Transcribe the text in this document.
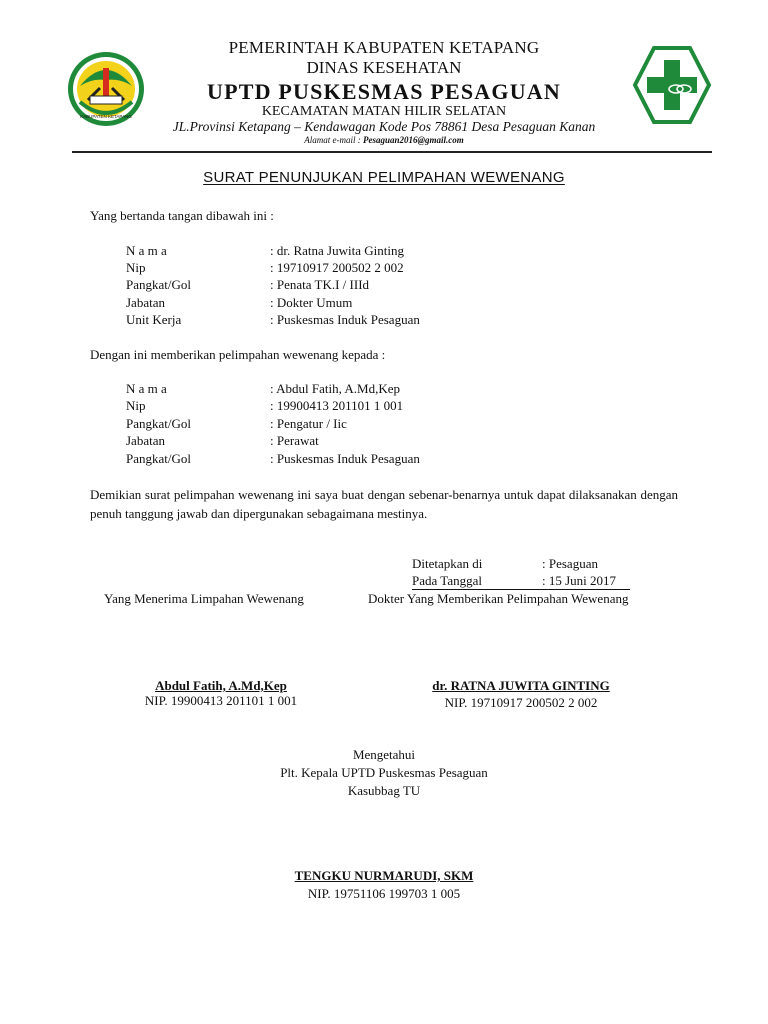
KABUPATEN KETAPANG
PEMERINTAH KABUPATEN KETAPANG
DINAS KESEHATAN
UPTD PUSKESMAS PESAGUAN
KECAMATAN MATAN HILIR SELATAN
JL.Provinsi Ketapang – Kendawagan Kode Pos 78861 Desa Pesaguan Kanan
Alamat e-mail : Pesaguan2016@gmail.com
SURAT PENUNJUKAN PELIMPAHAN WEWENANG
Yang bertanda tangan dibawah ini :
N a m a	: dr. Ratna Juwita Ginting
Nip	: 19710917 200502 2 002
Pangkat/Gol	: Penata TK.I / IIId
Jabatan	: Dokter Umum
Unit Kerja	: Puskesmas Induk Pesaguan
Dengan ini memberikan pelimpahan wewenang kepada :
N a m a	: Abdul Fatih, A.Md,Kep
Nip	: 19900413 201101 1 001
Pangkat/Gol	: Pengatur / Iic
Jabatan	: Perawat
Pangkat/Gol	: Puskesmas Induk Pesaguan
Demikian surat pelimpahan wewenang ini saya buat dengan sebenar-benarnya untuk dapat dilaksanakan dengan penuh tanggung jawab dan dipergunakan sebagaimana mestinya.
Ditetapkan di	: Pesaguan
Pada Tanggal	: 15 Juni 2017
Yang Menerima Limpahan Wewenang	Dokter Yang Memberikan Pelimpahan Wewenang
Abdul Fatih, A.Md,Kep
NIP. 19900413 201101 1 001
dr. RATNA JUWITA GINTING
NIP. 19710917 200502 2 002
Mengetahui
Plt. Kepala UPTD Puskesmas Pesaguan
Kasubbag TU
TENGKU NURMARUDI, SKM
NIP. 19751106 199703 1 005
